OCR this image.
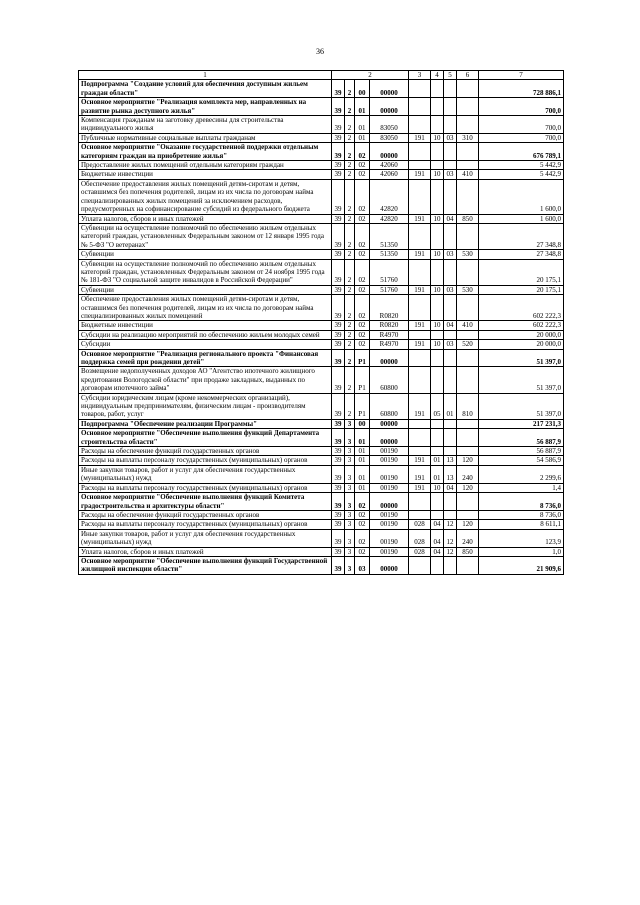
36
1	2				3	4	5	6	7
Подпрограмма "Создание условий для обеспечения доступным жильем граждан области"	39	2	00	00000					728 886,1
Основное мероприятие "Реализация комплекта мер, направленных на развитие рынка доступного жилья"	39	2	01	00000					700,0
Компенсация гражданам на заготовку древесины для строительства индивидуального жилья	39	2	01	83050					700,0
Публичные нормативные социальные выплаты гражданам	39	2	01	83050	191	10	03	310	700,0
Основное мероприятие "Оказание государственной поддержки отдельным категориям граждан на приобретение жилья"	39	2	02	00000					676 789,1
Предоставление жилых помещений отдельным категориям граждан	39	2	02	42060					5 442,9
Бюджетные инвестиции	39	2	02	42060	191	10	03	410	5 442,9
Обеспечение предоставления жилых помещений детям-сиротам и детям, оставшимся без попечения родителей, лицам из их числа по договорам найма специализированных жилых помещений за исключением расходов, предусмотренных на софинансирование субсидий из федерального бюджета	39	2	02	42820					1 600,0
Уплата налогов, сборов и иных платежей	39	2	02	42820	191	10	04	850	1 600,0
Субвенции на осуществление полномочий по обеспечению жильем отдельных категорий граждан, установленных Федеральным законом от 12 января 1995 года № 5-ФЗ "О ветеранах"	39	2	02	51350					27 348,8
Субвенции	39	2	02	51350	191	10	03	530	27 348,8
Субвенции на осуществление полномочий по обеспечению жильем отдельных категорий граждан, установленных Федеральным законом от 24 ноября 1995 года № 181-ФЗ "О социальной защите инвалидов в Российской Федерации"	39	2	02	51760					20 175,1
Субвенции	39	2	02	51760	191	10	03	530	20 175,1
Обеспечение предоставления жилых помещений детям-сиротам и детям, оставшимся без попечения родителей, лицам из их числа по договорам найма специализированных жилых помещений	39	2	02	R0820					602 222,3
Бюджетные инвестиции	39	2	02	R0820	191	10	04	410	602 222,3
Субсидии на реализацию мероприятий по обеспечению жильем молодых семей	39	2	02	R4970					20 000,0
Субсидии	39	2	02	R4970	191	10	03	520	20 000,0
Основное мероприятие "Реализация регионального проекта "Финансовая поддержка семей при рождении детей"	39	2	P1	00000					51 397,0
Возмещение недополученных доходов АО "Агентство ипотечного жилищного кредитования Вологодской области" при продаже закладных, выданных по договорам ипотечного займа"	39	2	P1	60800					51 397,0
Субсидии юридическим лицам (кроме некоммерческих организаций), индивидуальным предпринимателям, физическим лицам - производителям товаров, работ, услуг	39	2	P1	60800	191	05	01	810	51 397,0
Подпрограмма "Обеспечение реализации Программы"	39	3	00	00000					217 231,3
Основное мероприятие "Обеспечение выполнения функций Департамента строительства области"	39	3	01	00000					56 887,9
Расходы на обеспечение функций государственных органов	39	3	01	00190					56 887,9
Расходы на выплаты персоналу государственных (муниципальных) органов	39	3	01	00190	191	01	13	120	54 586,9
Иные закупки товаров, работ и услуг для обеспечения государственных (муниципальных) нужд	39	3	01	00190	191	01	13	240	2 299,6
Расходы на выплаты персоналу государственных (муниципальных) органов	39	3	01	00190	191	10	04	120	1,4
Основное мероприятие "Обеспечение выполнения функций Комитета градостроительства и архитектуры области"	39	3	02	00000					8 736,0
Расходы на обеспечение функций государственных органов	39	3	02	00190					8 736,0
Расходы на выплаты персоналу государственных (муниципальных) органов	39	3	02	00190	028	04	12	120	8 611,1
Иные закупки товаров, работ и услуг для обеспечения государственных (муниципальных) нужд	39	3	02	00190	028	04	12	240	123,9
Уплата налогов, сборов и иных платежей	39	3	02	00190	028	04	12	850	1,0
Основное мероприятие "Обеспечение выполнения функций Государственной жилищной инспекции области"	39	3	03	00000					21 909,6
